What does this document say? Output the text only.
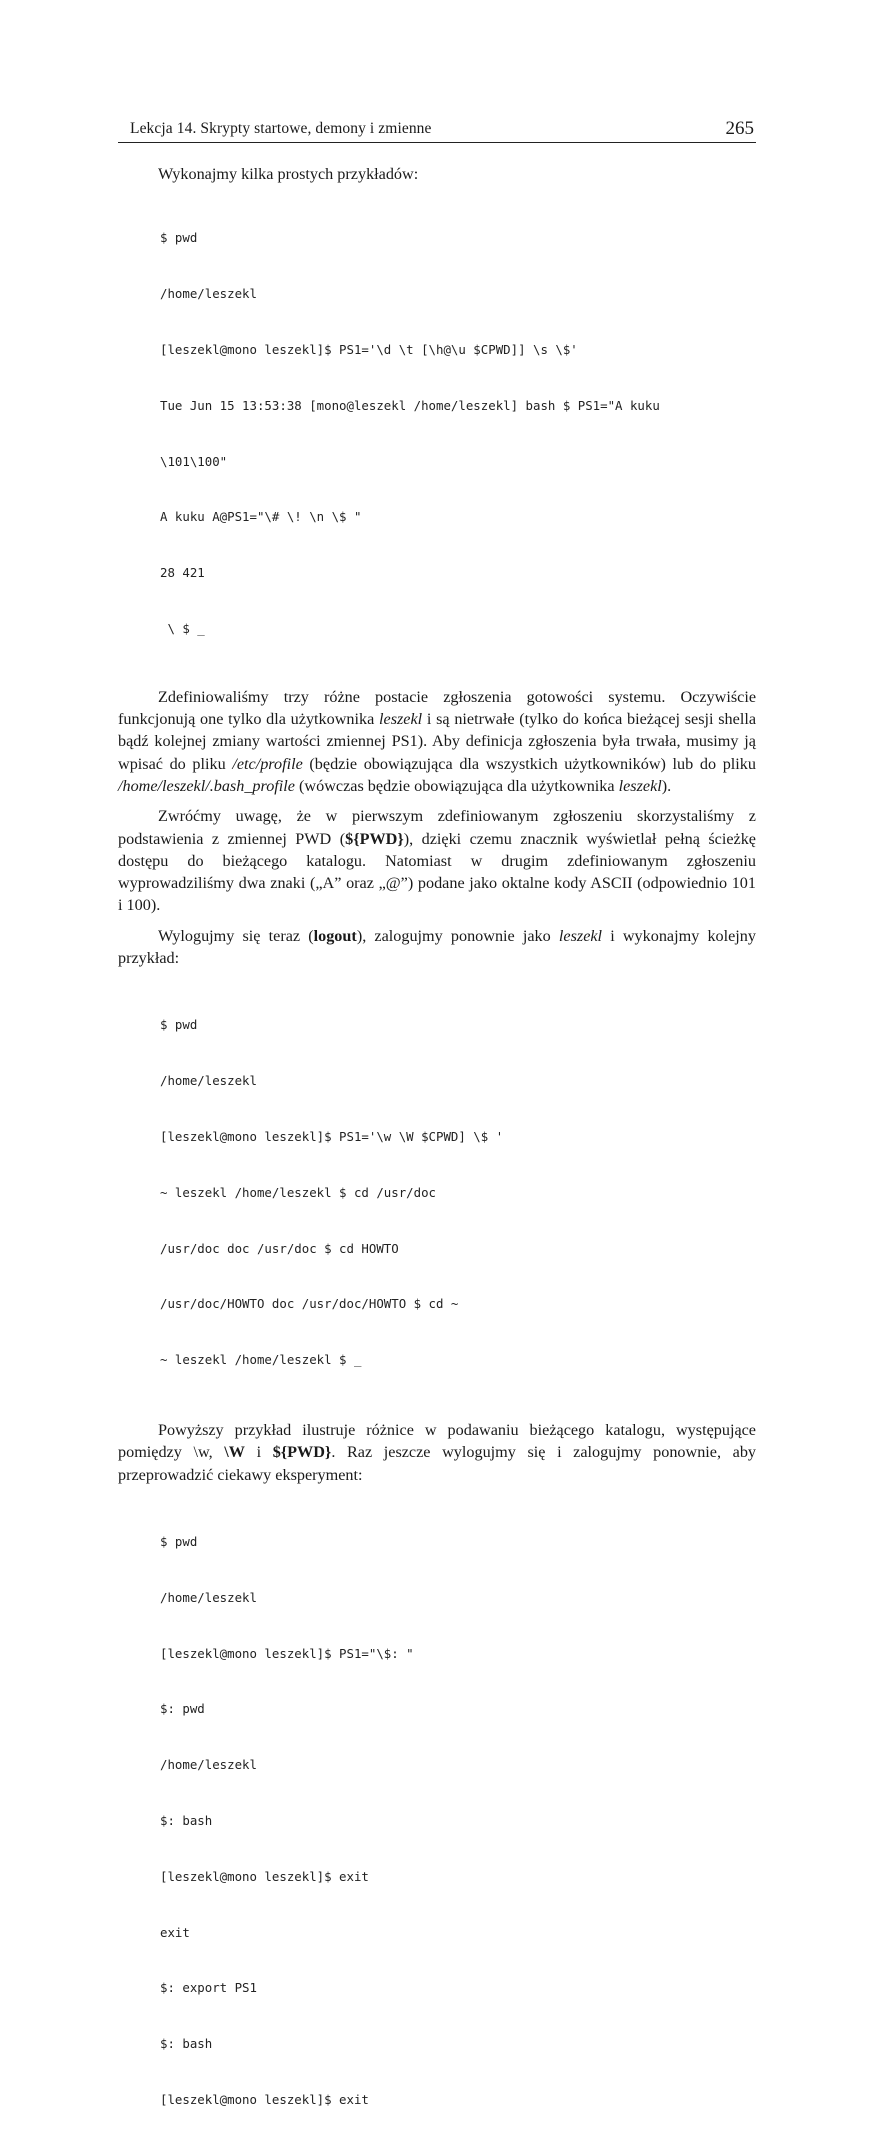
Lekcja 14. Skrypty startowe, demony i zmienne	265

Wykonajmy kilka prostych przykładów:

$ pwd

/home/leszekl

[leszekl@mono leszekl]$ PS1='\d \t [\h@\u $CPWD]] \s \$'

Tue Jun 15 13:53:38 [mono@leszekl /home/leszekl] bash $ PS1="A kuku

\101\100"

A kuku A@PS1="\# \! \n \$ "

28 421

\ $ _

Zdefiniowaliśmy trzy różne postacie zgłoszenia gotowości systemu. Oczywiście funkcjonują one tylko dla użytkownika leszekl i są nietrwałe (tylko do końca bieżącej sesji shella bądź kolejnej zmiany wartości zmiennej PS1). Aby definicja zgłoszenia była trwała, musimy ją wpisać do pliku /etc/profile (będzie obowiązująca dla wszystkich użytkowników) lub do pliku /home/leszekl/.bash_profile (wówczas będzie obowiązująca dla użytkownika leszekl).

Zwróćmy uwagę, że w pierwszym zdefiniowanym zgłoszeniu skorzystaliśmy z podstawienia z zmiennej PWD (${PWD}), dzięki czemu znacznik wyświetlał pełną ścieżkę dostępu do bieżącego katalogu. Natomiast w drugim zdefiniowanym zgłoszeniu wyprowadziliśmy dwa znaki („A” oraz „@”) podane jako oktalne kody ASCII (odpowiednio 101 i 100).

Wylogujmy się teraz (logout), zalogujmy ponownie jako leszekl i wykonajmy kolejny przykład:

$ pwd

/home/leszekl

[leszekl@mono leszekl]$ PS1='\w \W $CPWD] \$ '

~ leszekl /home/leszekl $ cd /usr/doc

/usr/doc doc /usr/doc $ cd HOWTO

/usr/doc/HOWTO doc /usr/doc/HOWTO $ cd ~

~ leszekl /home/leszekl $ _

Powyższy przykład ilustruje różnice w podawaniu bieżącego katalogu, występujące pomiędzy \w, \W i ${PWD}. Raz jeszcze wylogujmy się i zalogujmy ponownie, aby przeprowadzić ciekawy eksperyment:

$ pwd

/home/leszekl

[leszekl@mono leszekl]$ PS1="\$: "

$: pwd

/home/leszekl

$: bash

[leszekl@mono leszekl]$ exit

exit

$: export PS1

$: bash

[leszekl@mono leszekl]$ exit
